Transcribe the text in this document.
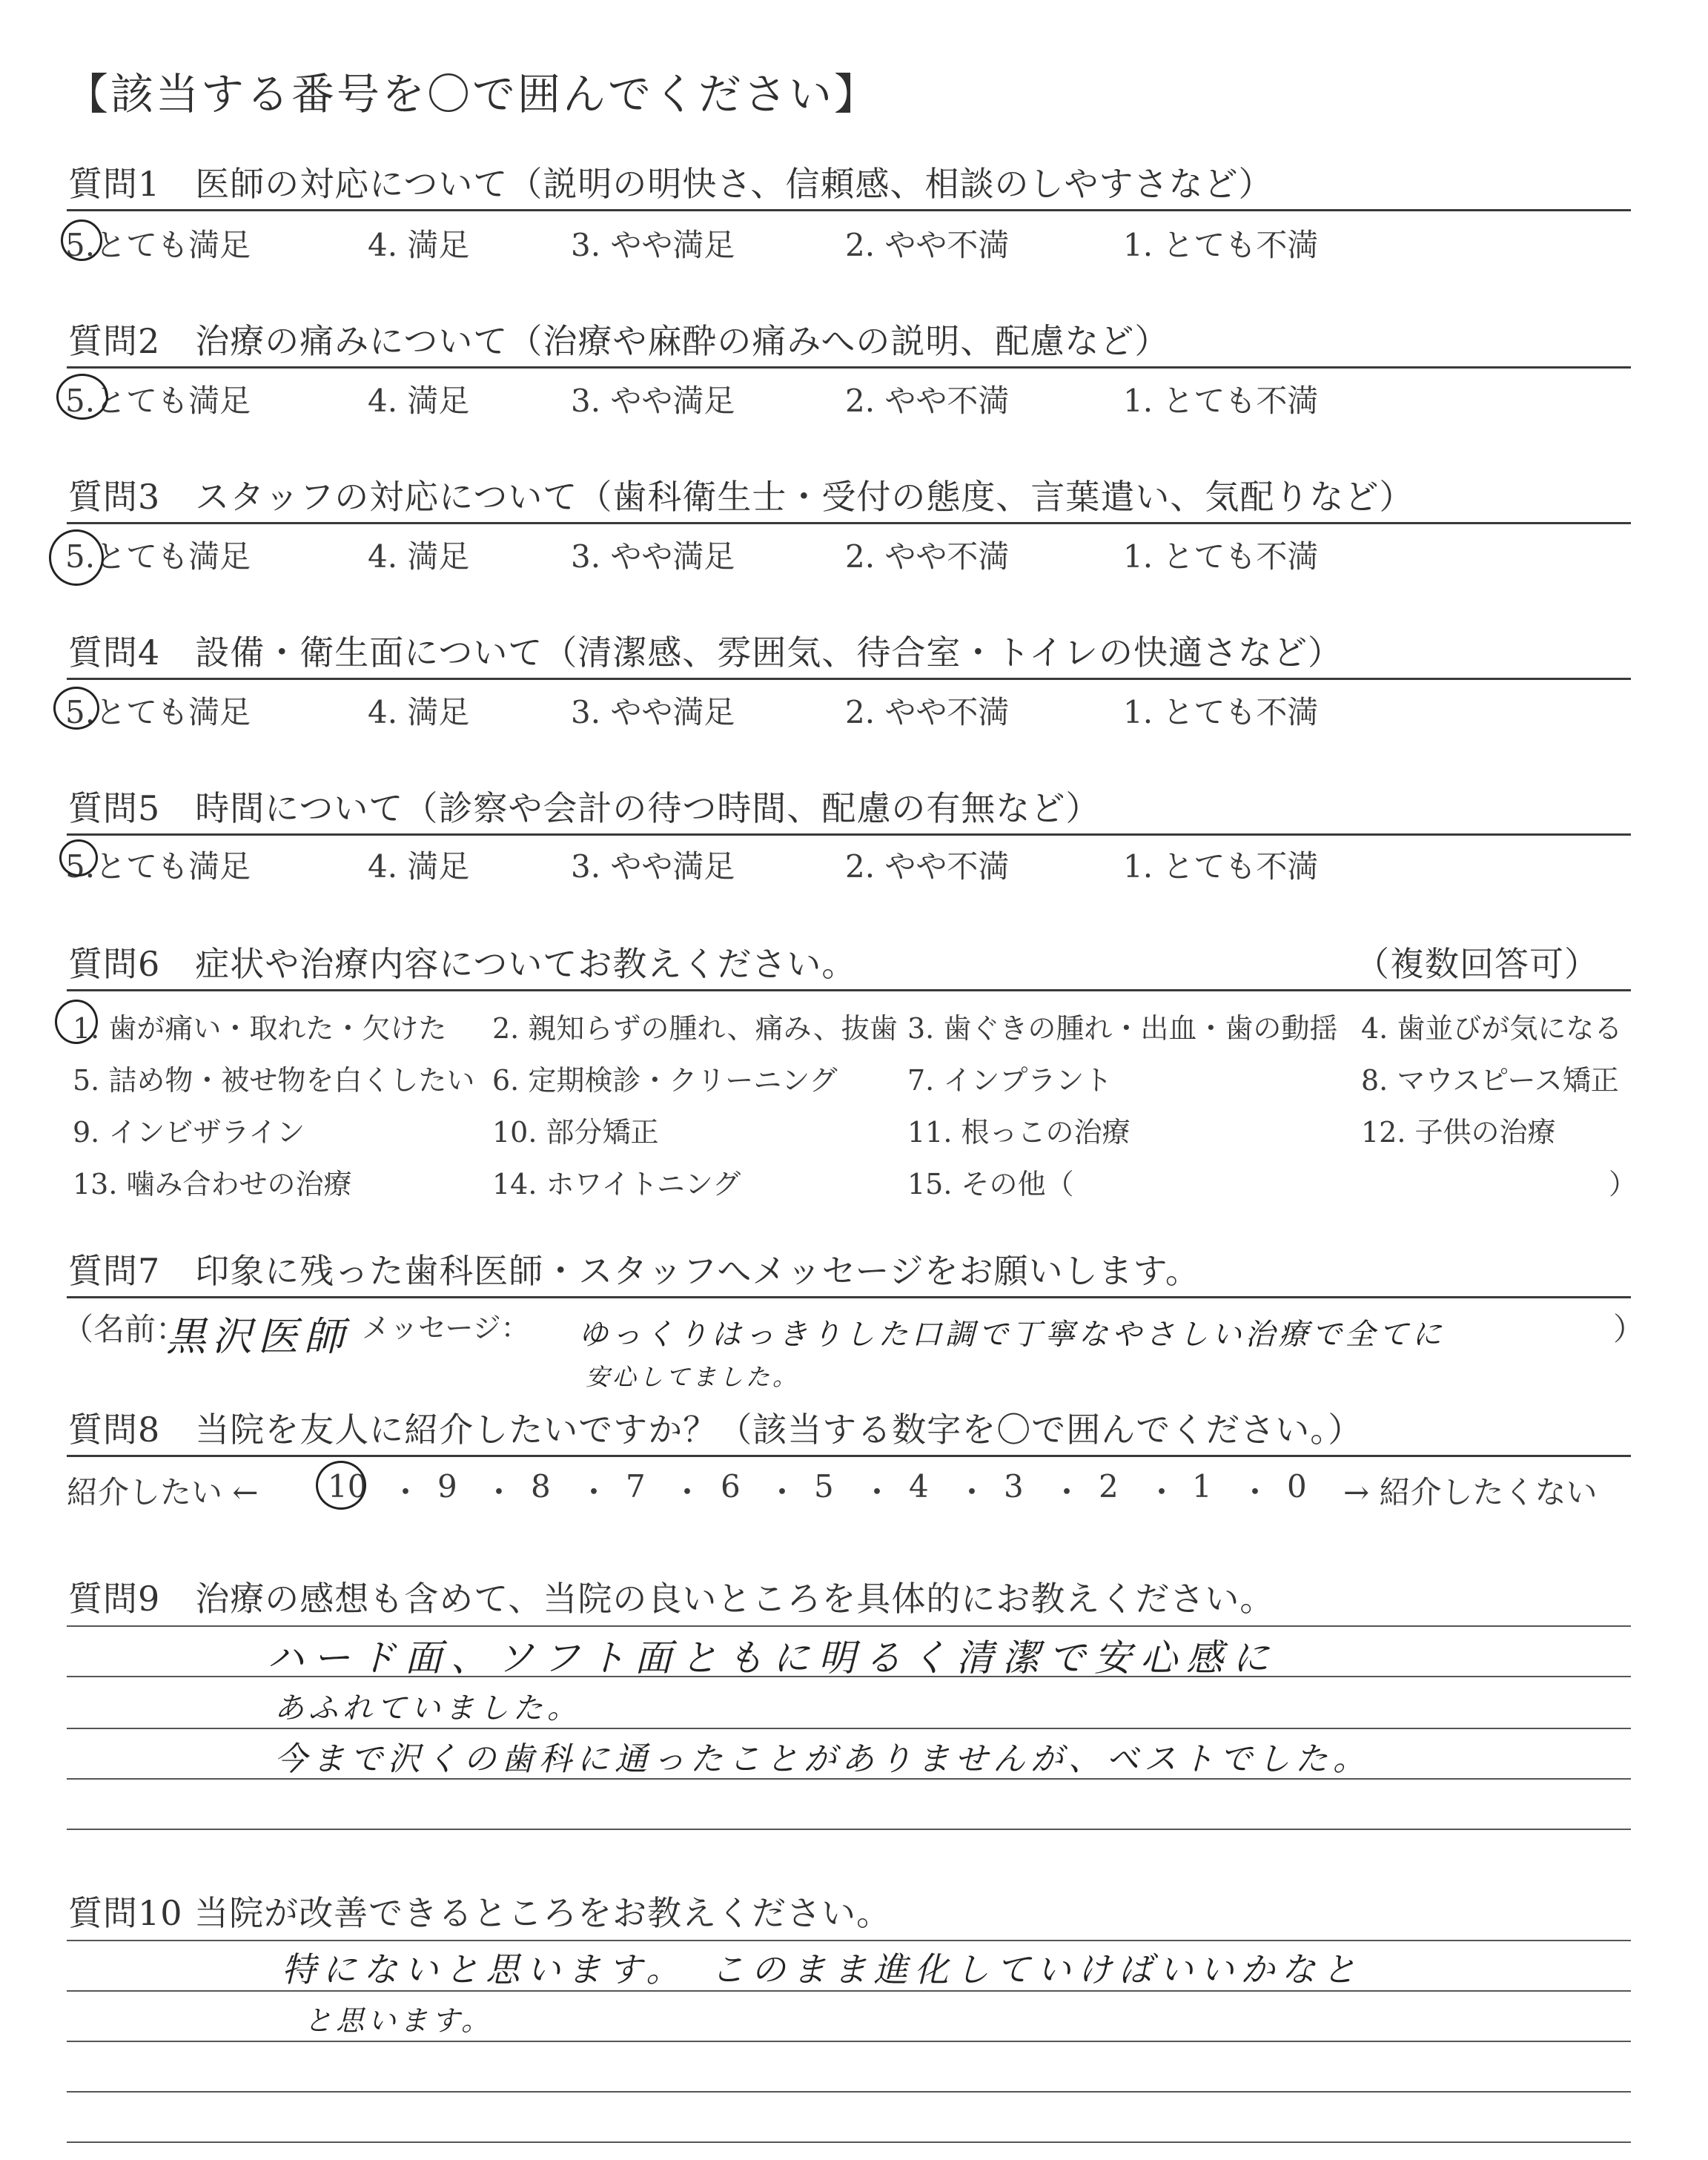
【該当する番号を〇で囲んでください】
質問1　医師の対応について（説明の明快さ、信頼感、相談のしやすさなど）
5.とても満足	4. 満足	3. やや満足	2. やや不満	1. とても不満
質問2　治療の痛みについて（治療や麻酔の痛みへの説明、配慮など）
5.とても満足	4. 満足	3. やや満足	2. やや不満	1. とても不満
質問3　スタッフの対応について（歯科衛生士・受付の態度、言葉遣い、気配りなど）
5.とても満足	4. 満足	3. やや満足	2. やや不満	1. とても不満
質問4　設備・衛生面について（清潔感、雰囲気、待合室・トイレの快適さなど）
5.とても満足	4. 満足	3. やや満足	2. やや不満	1. とても不満
質問5　時間について（診察や会計の待つ時間、配慮の有無など）
5.とても満足	4. 満足	3. やや満足	2. やや不満	1. とても不満
質問6　症状や治療内容についてお教えください。	（複数回答可）
1. 歯が痛い・取れた・欠けた 2. 親知らずの腫れ、痛み、抜歯 3. 歯ぐきの腫れ・出血・歯の動揺 4. 歯並びが気になる
5. 詰め物・被せ物を白くしたい 6. 定期検診・クリーニング 7. インプラント	8. マウスピース矯正
9. インビザライン	10. 部分矯正	11. 根っこの治療	12. 子供の治療
13. 噛み合わせの治療	14. ホワイトニング	15. その他（	）
質問7　印象に残った歯科医師・スタッフへメッセージをお願いします。
（名前：
黒沢医師 メッセージ： ゆっくりはっきりした口調で丁寧なやさしい治療で全てに
安心してました。
）
質問8　当院を友人に紹介したいですか？（該当する数字を〇で囲んでください。）
紹介したい ←	→ 紹介したくない
10 ・ 9 ・ 8 ・ 7 ・ 6 ・ 5 ・ 4 ・ 3 ・ 2 ・ 1 ・ 0
質問9　治療の感想も含めて、当院の良いところを具体的にお教えください。
ハード面、ソフト面ともに明るく清潔で安心感に
あふれていました。
今まで沢くの歯科に通ったことがありませんが、ベストでした。
質問10 当院が改善できるところをお教えください。
特にないと思います。　このまま進化していけばいいかなと
と思います。
